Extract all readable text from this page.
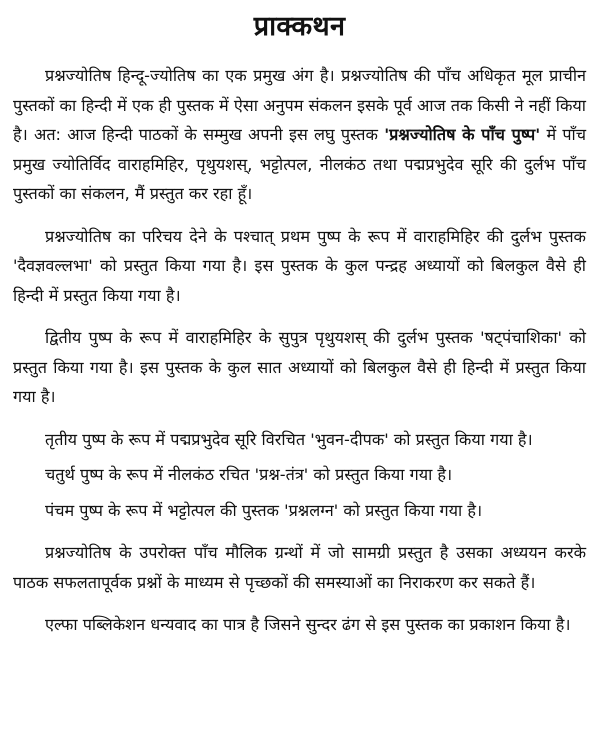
प्राक्कथन

प्रश्नज्योतिष हिन्दू-ज्योतिष का एक प्रमुख अंग है। प्रश्नज्योतिष की पाँच अधिकृत मूल प्राचीन पुस्तकों का हिन्दी में एक ही पुस्तक में ऐसा अनुपम संकलन इसके पूर्व आज तक किसी ने नहीं किया है। अत: आज हिन्दी पाठकों के सम्मुख अपनी इस लघु पुस्तक 'प्रश्नज्योतिष के पाँच पुष्प' में पाँच प्रमुख ज्योतिर्विद वाराहमिहिर, पृथुयशस्, भट्टोत्पल, नीलकंठ तथा पद्मप्रभुदेव सूरि की दुर्लभ पाँच पुस्तकों का संकलन, मैं प्रस्तुत कर रहा हूँ।

प्रश्नज्योतिष का परिचय देने के पश्चात् प्रथम पुष्प के रूप में वाराहमिहिर की दुर्लभ पुस्तक 'दैवज्ञवल्लभा' को प्रस्तुत किया गया है। इस पुस्तक के कुल पन्द्रह अध्यायों को बिलकुल वैसे ही हिन्दी में प्रस्तुत किया गया है।

द्वितीय पुष्प के रूप में वाराहमिहिर के सुपुत्र पृथुयशस् की दुर्लभ पुस्तक 'षट्पंचाशिका' को प्रस्तुत किया गया है। इस पुस्तक के कुल सात अध्यायों को बिलकुल वैसे ही हिन्दी में प्रस्तुत किया गया है।

तृतीय पुष्प के रूप में पद्मप्रभुदेव सूरि विरचित 'भुवन-दीपक' को प्रस्तुत किया गया है।

चतुर्थ पुष्प के रूप में नीलकंठ रचित 'प्रश्न-तंत्र' को प्रस्तुत किया गया है।

पंचम पुष्प के रूप में भट्टोत्पल की पुस्तक 'प्रश्नलग्न' को प्रस्तुत किया गया है।

प्रश्नज्योतिष के उपरोक्त पाँच मौलिक ग्रन्थों में जो सामग्री प्रस्तुत है उसका अध्ययन करके पाठक सफलतापूर्वक प्रश्नों के माध्यम से पृच्छकों की समस्याओं का निराकरण कर सकते हैं।

एल्फा पब्लिकेशन धन्यवाद का पात्र है जिसने सुन्दर ढंग से इस पुस्तक का प्रकाशन किया है।
